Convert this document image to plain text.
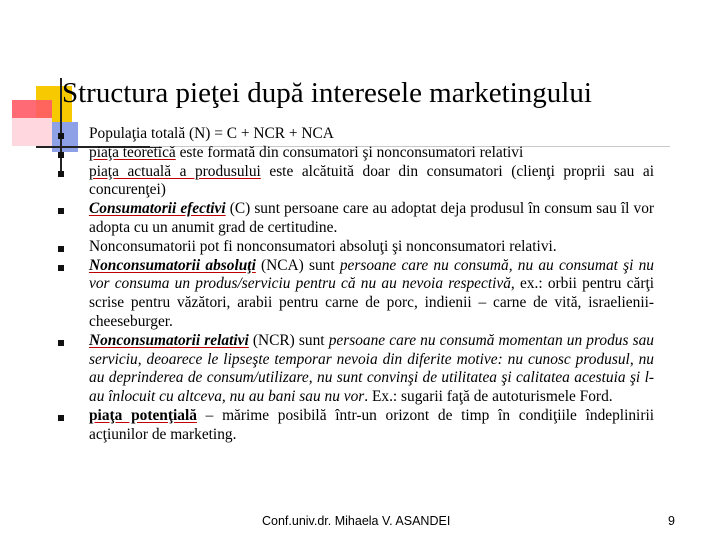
Structura pieţei după interesele marketingului
Populaţia totală (N) = C + NCR + NCA
piaţa teoretică este formată din consumatori şi nonconsumatori relativi
piaţa actuală a produsului este alcătuită doar din consumatori (clienţi proprii sau ai concurenţei)
Consumatorii efectivi (C) sunt persoane care au adoptat deja produsul în consum sau îl vor adopta cu un anumit grad de certitudine.
Nonconsumatorii pot fi nonconsumatori absoluţi şi nonconsumatori relativi.
Nonconsumatorii absoluţi (NCA) sunt persoane care nu consumă, nu au consumat şi nu vor consuma un produs/serviciu pentru că nu au nevoia respectivă, ex.: orbii pentru cărţi scrise pentru văzători, arabii pentru carne de porc, indienii – carne de vită, israelienii- cheeseburger.
Nonconsumatorii relativi (NCR) sunt persoane care nu consumă momentan un produs sau serviciu, deoarece le lipseşte temporar nevoia din diferite motive: nu cunosc produsul, nu au deprinderea de consum/utilizare, nu sunt convinşi de utilitatea şi calitatea acestuia şi l-au înlocuit cu altceva, nu au bani sau nu vor. Ex.: sugarii faţă de autoturismele Ford.
piaţa potenţială – mărime posibilă într-un orizont de timp în condiţiile îndeplinirii acţiunilor de marketing.
Conf.univ.dr. Mihaela V. ASANDEI	9
